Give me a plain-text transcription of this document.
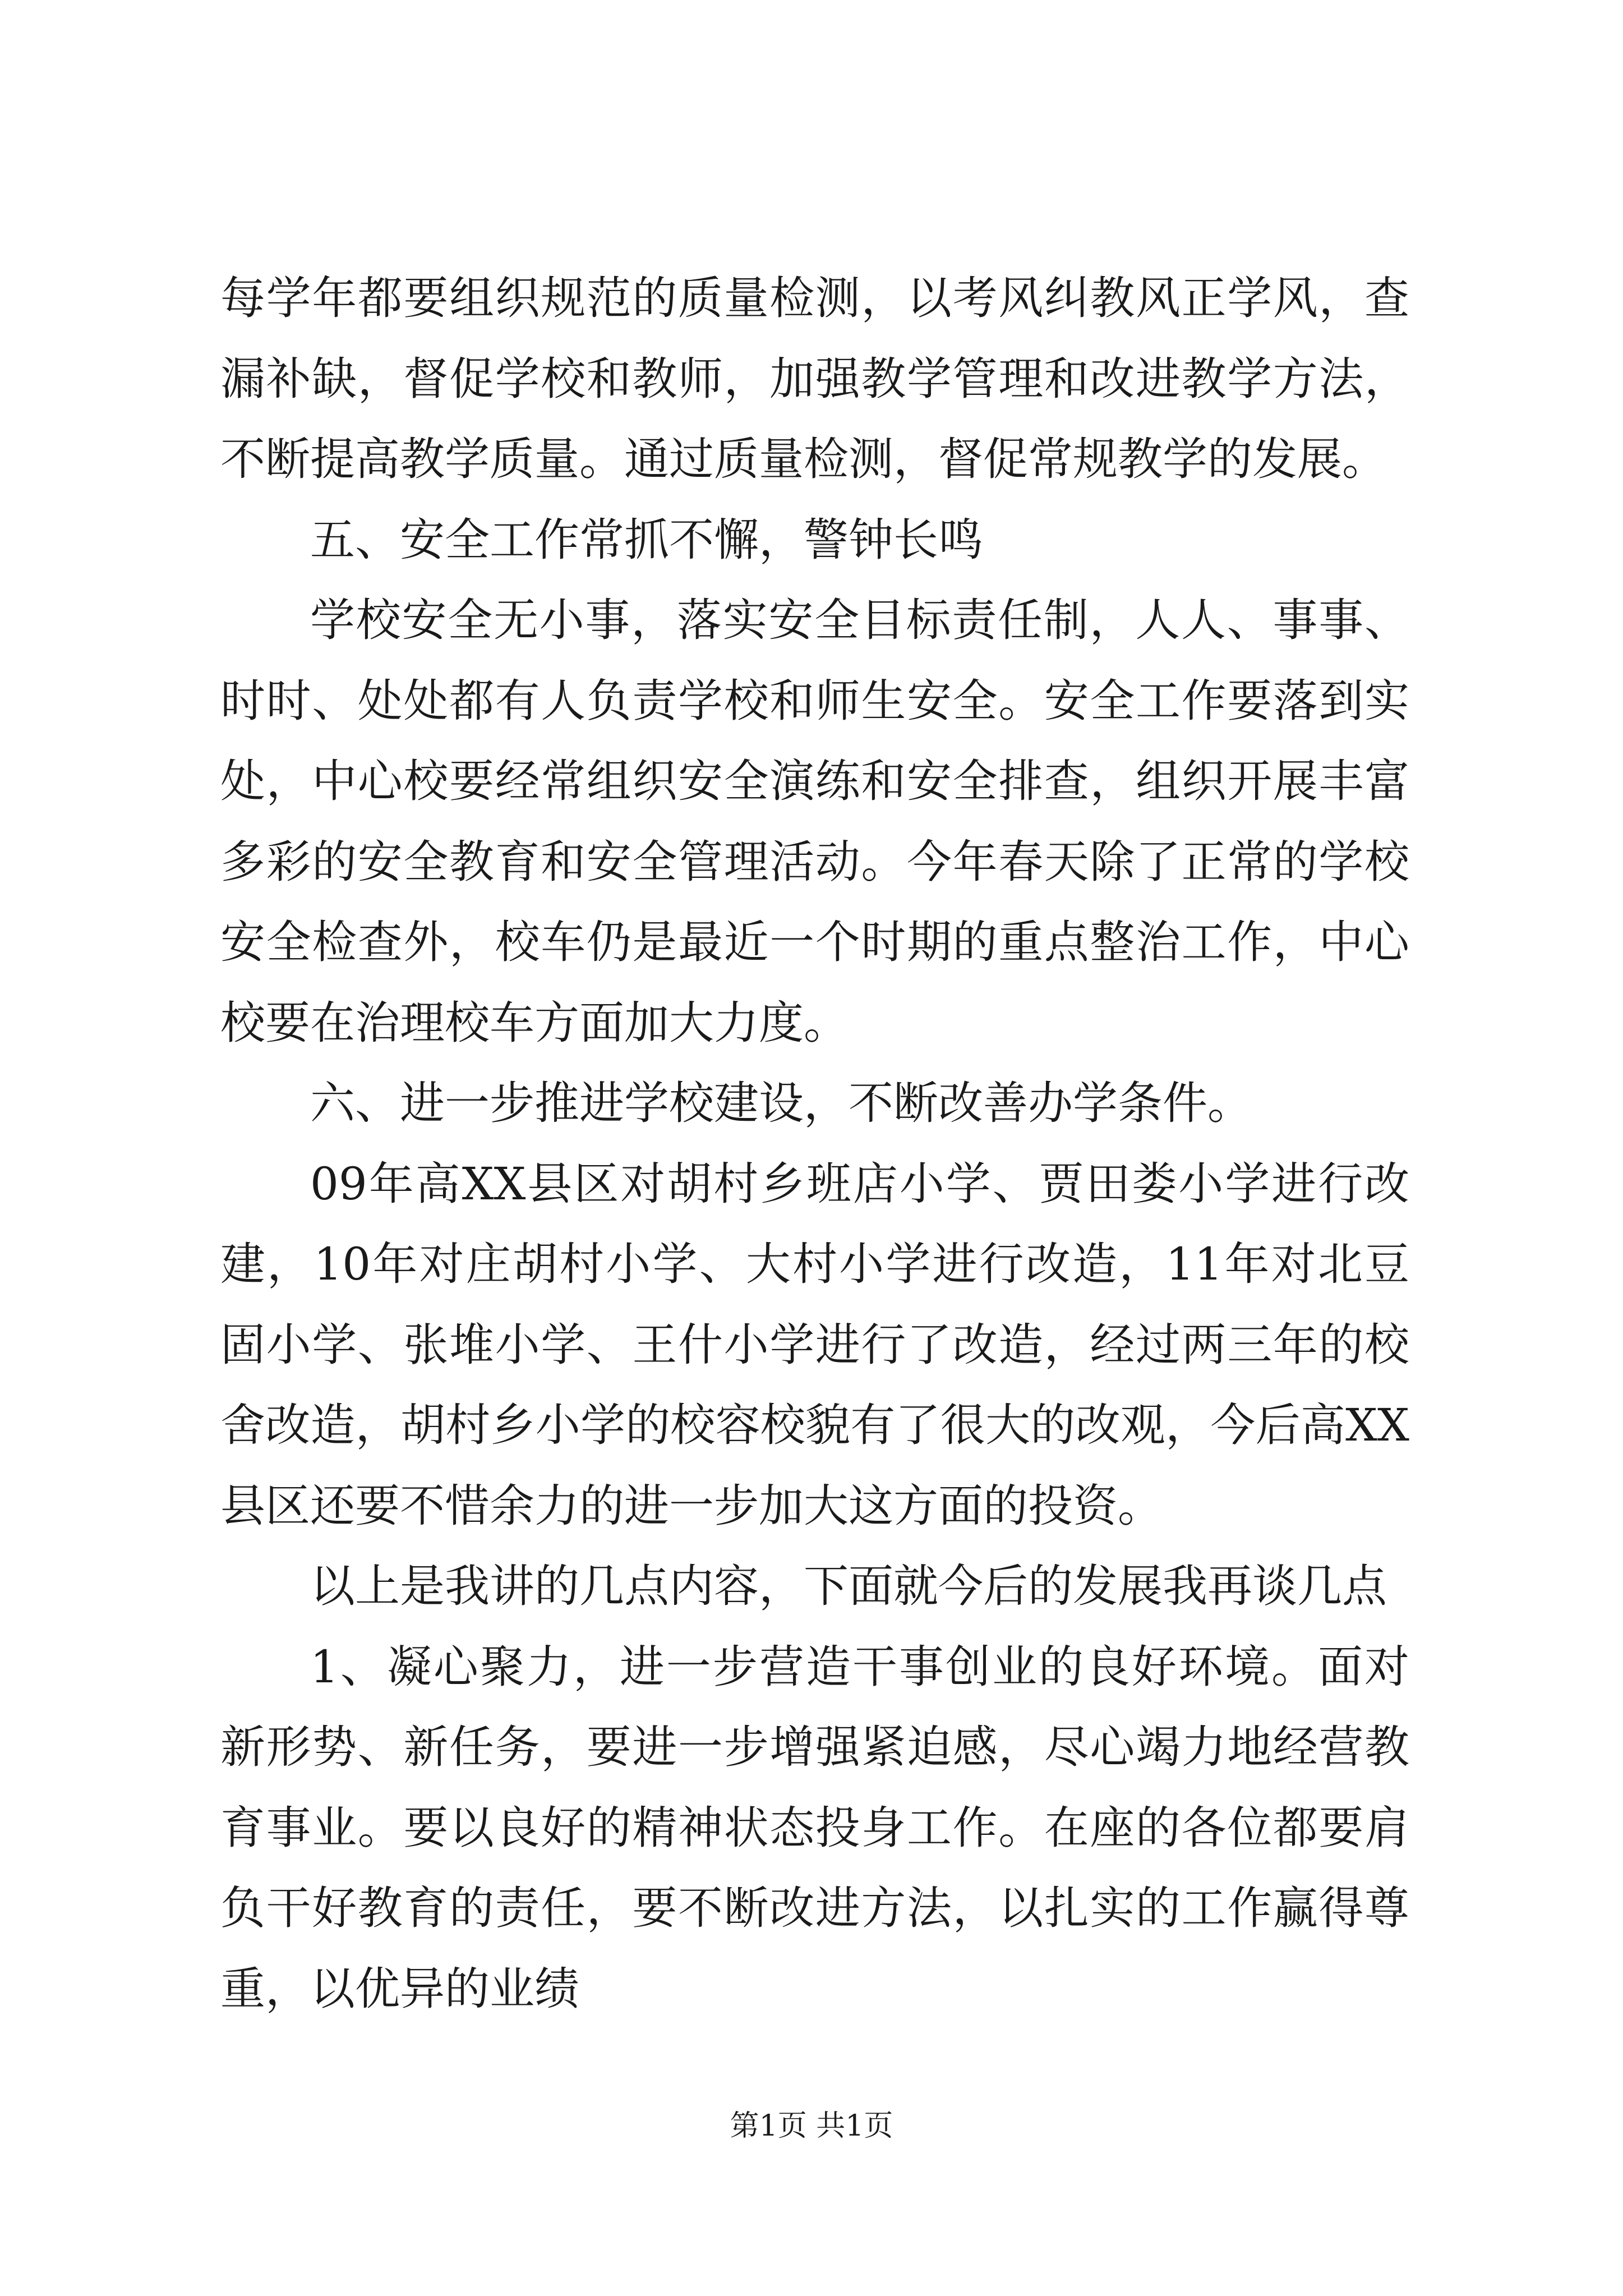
每学年都要组织规范的质量检测，以考风纠教风正学风，查漏补缺，督促学校和教师，加强教学管理和改进教学方法，不断提高教学质量。通过质量检测，督促常规教学的发展。

五、安全工作常抓不懈，警钟长鸣

学校安全无小事，落实安全目标责任制，人人、事事、时时、处处都有人负责学校和师生安全。安全工作要落到实处，中心校要经常组织安全演练和安全排查，组织开展丰富多彩的安全教育和安全管理活动。今年春天除了正常的学校安全检查外，校车仍是最近一个时期的重点整治工作，中心校要在治理校车方面加大力度。

六、进一步推进学校建设，不断改善办学条件。

09年高XX县区对胡村乡班店小学、贾田娄小学进行改建，10年对庄胡村小学、大村小学进行改造，11年对北豆固小学、张堆小学、王什小学进行了改造，经过两三年的校舍改造，胡村乡小学的校容校貌有了很大的改观，今后高XX县区还要不惜余力的进一步加大这方面的投资。

以上是我讲的几点内容，下面就今后的发展我再谈几点

1、凝心聚力，进一步营造干事创业的良好环境。面对新形势、新任务，要进一步增强紧迫感，尽心竭力地经营教育事业。要以良好的精神状态投身工作。在座的各位都要肩负干好教育的责任，要不断改进方法，以扎实的工作赢得尊重，以优异的业绩

第1页 共1页
